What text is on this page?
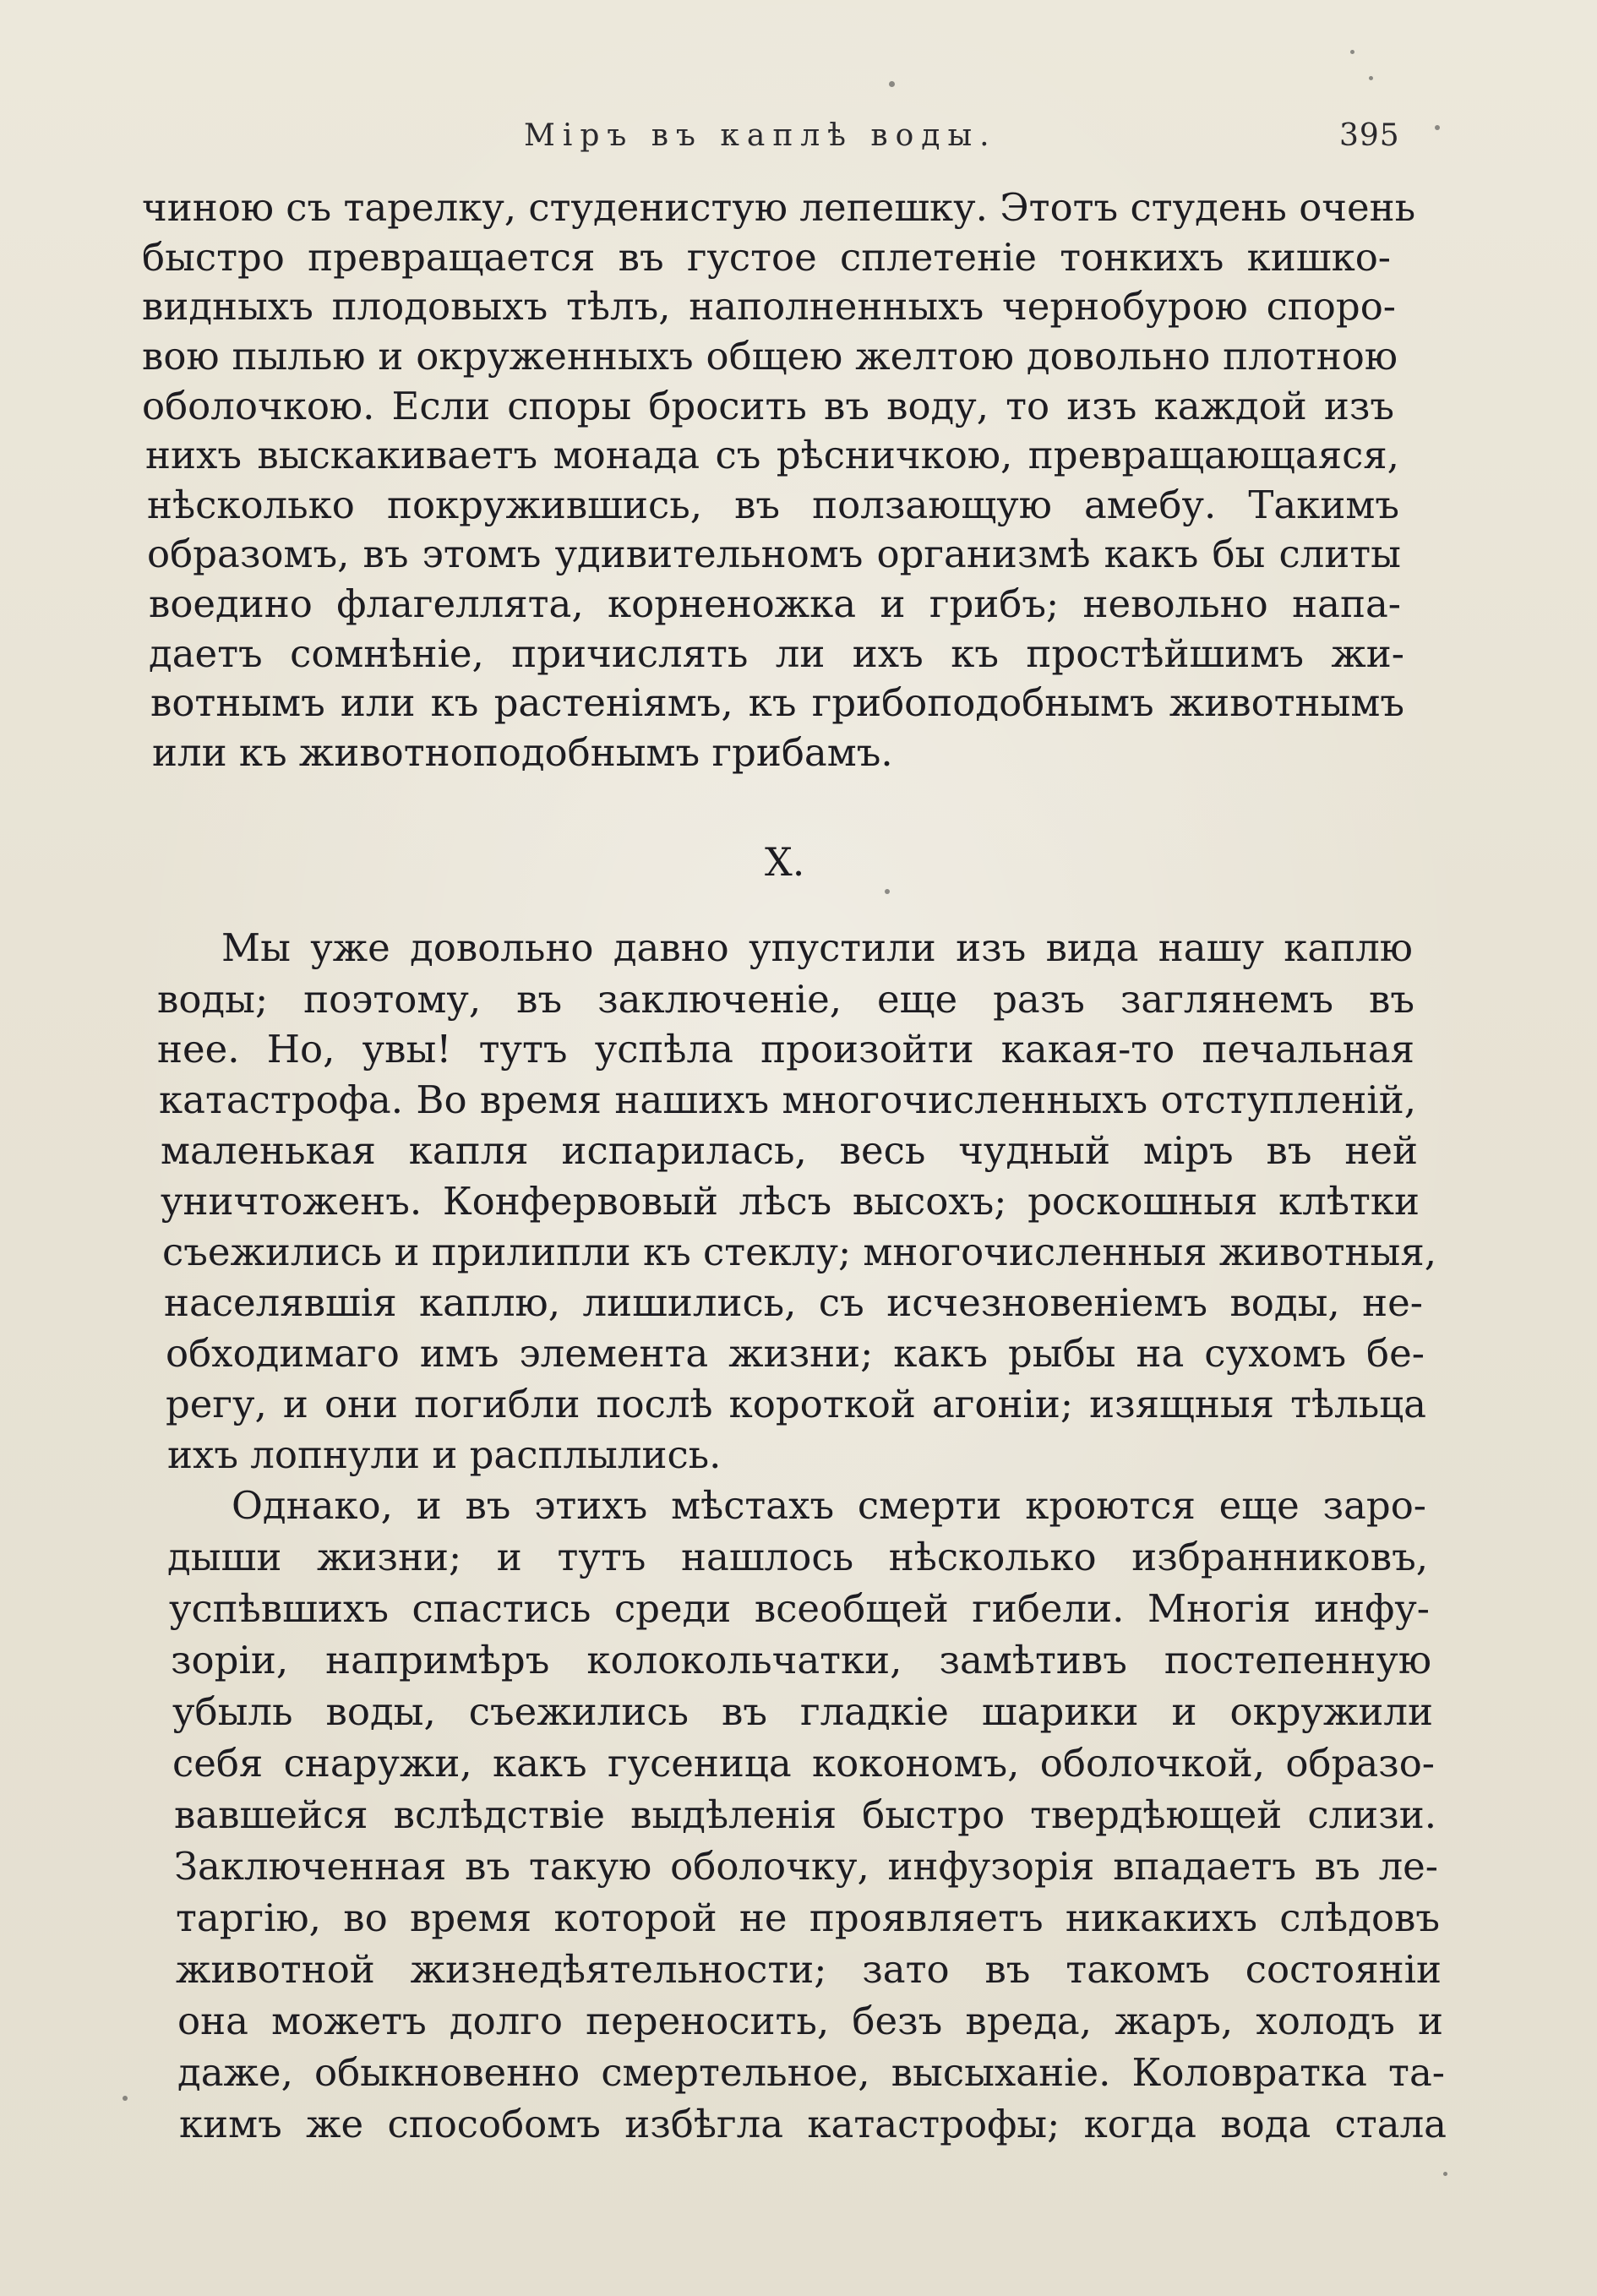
Міръ въ каплѣ воды.	395
чиною съ тарелку, студенистую лепешку. Этотъ студень очень
быстро превращается въ густое сплетеніе тонкихъ кишко-
видныхъ плодовыхъ тѣлъ, наполненныхъ чернобурою споро-
вою пылью и окруженныхъ общею желтою довольно плотною
оболочкою. Если споры бросить въ воду, то изъ каждой изъ
нихъ выскакиваетъ монада съ рѣсничкою, превращающаяся,
нѣсколько покружившись, въ ползающую амебу. Такимъ
образомъ, въ этомъ удивительномъ организмѣ какъ бы слиты
воедино флагеллята, корненожка и грибъ; невольно напа-
даетъ сомнѣніе, причислять ли ихъ къ простѣйшимъ жи-
вотнымъ или къ растеніямъ, къ грибоподобнымъ животнымъ
или къ животноподобнымъ грибамъ.
X.
Мы уже довольно давно упустили изъ вида нашу каплю
воды; поэтому, въ заключеніе, еще разъ заглянемъ въ
нее. Но, увы! тутъ успѣла произойти какая-то печальная
катастрофа. Во время нашихъ многочисленныхъ отступленій,
маленькая капля испарилась, весь чудный міръ въ ней
уничтоженъ. Конфервовый лѣсъ высохъ; роскошныя клѣтки
съежились и прилипли къ стеклу; многочисленныя животныя,
населявшія каплю, лишились, съ исчезновеніемъ воды, не-
обходимаго имъ элемента жизни; какъ рыбы на сухомъ бе-
регу, и они погибли послѣ короткой агоніи; изящныя тѣльца
ихъ лопнули и расплылись.
Однако, и въ этихъ мѣстахъ смерти кроются еще заро-
дыши жизни; и тутъ нашлось нѣсколько избранниковъ,
успѣвшихъ спастись среди всеобщей гибели. Многія инфу-
зоріи, напримѣръ колокольчатки, замѣтивъ постепенную
убыль воды, съежились въ гладкіе шарики и окружили
себя снаружи, какъ гусеница кокономъ, оболочкой, образо-
вавшейся вслѣдствіе выдѣленія быстро твердѣющей слизи.
Заключенная въ такую оболочку, инфузорія впадаетъ въ ле-
таргію, во время которой не проявляетъ никакихъ слѣдовъ
животной жизнедѣятельности; зато въ такомъ состояніи
она можетъ долго переносить, безъ вреда, жаръ, холодъ и
даже, обыкновенно смертельное, высыханіе. Коловратка та-
кимъ же способомъ избѣгла катастрофы; когда вода стала
